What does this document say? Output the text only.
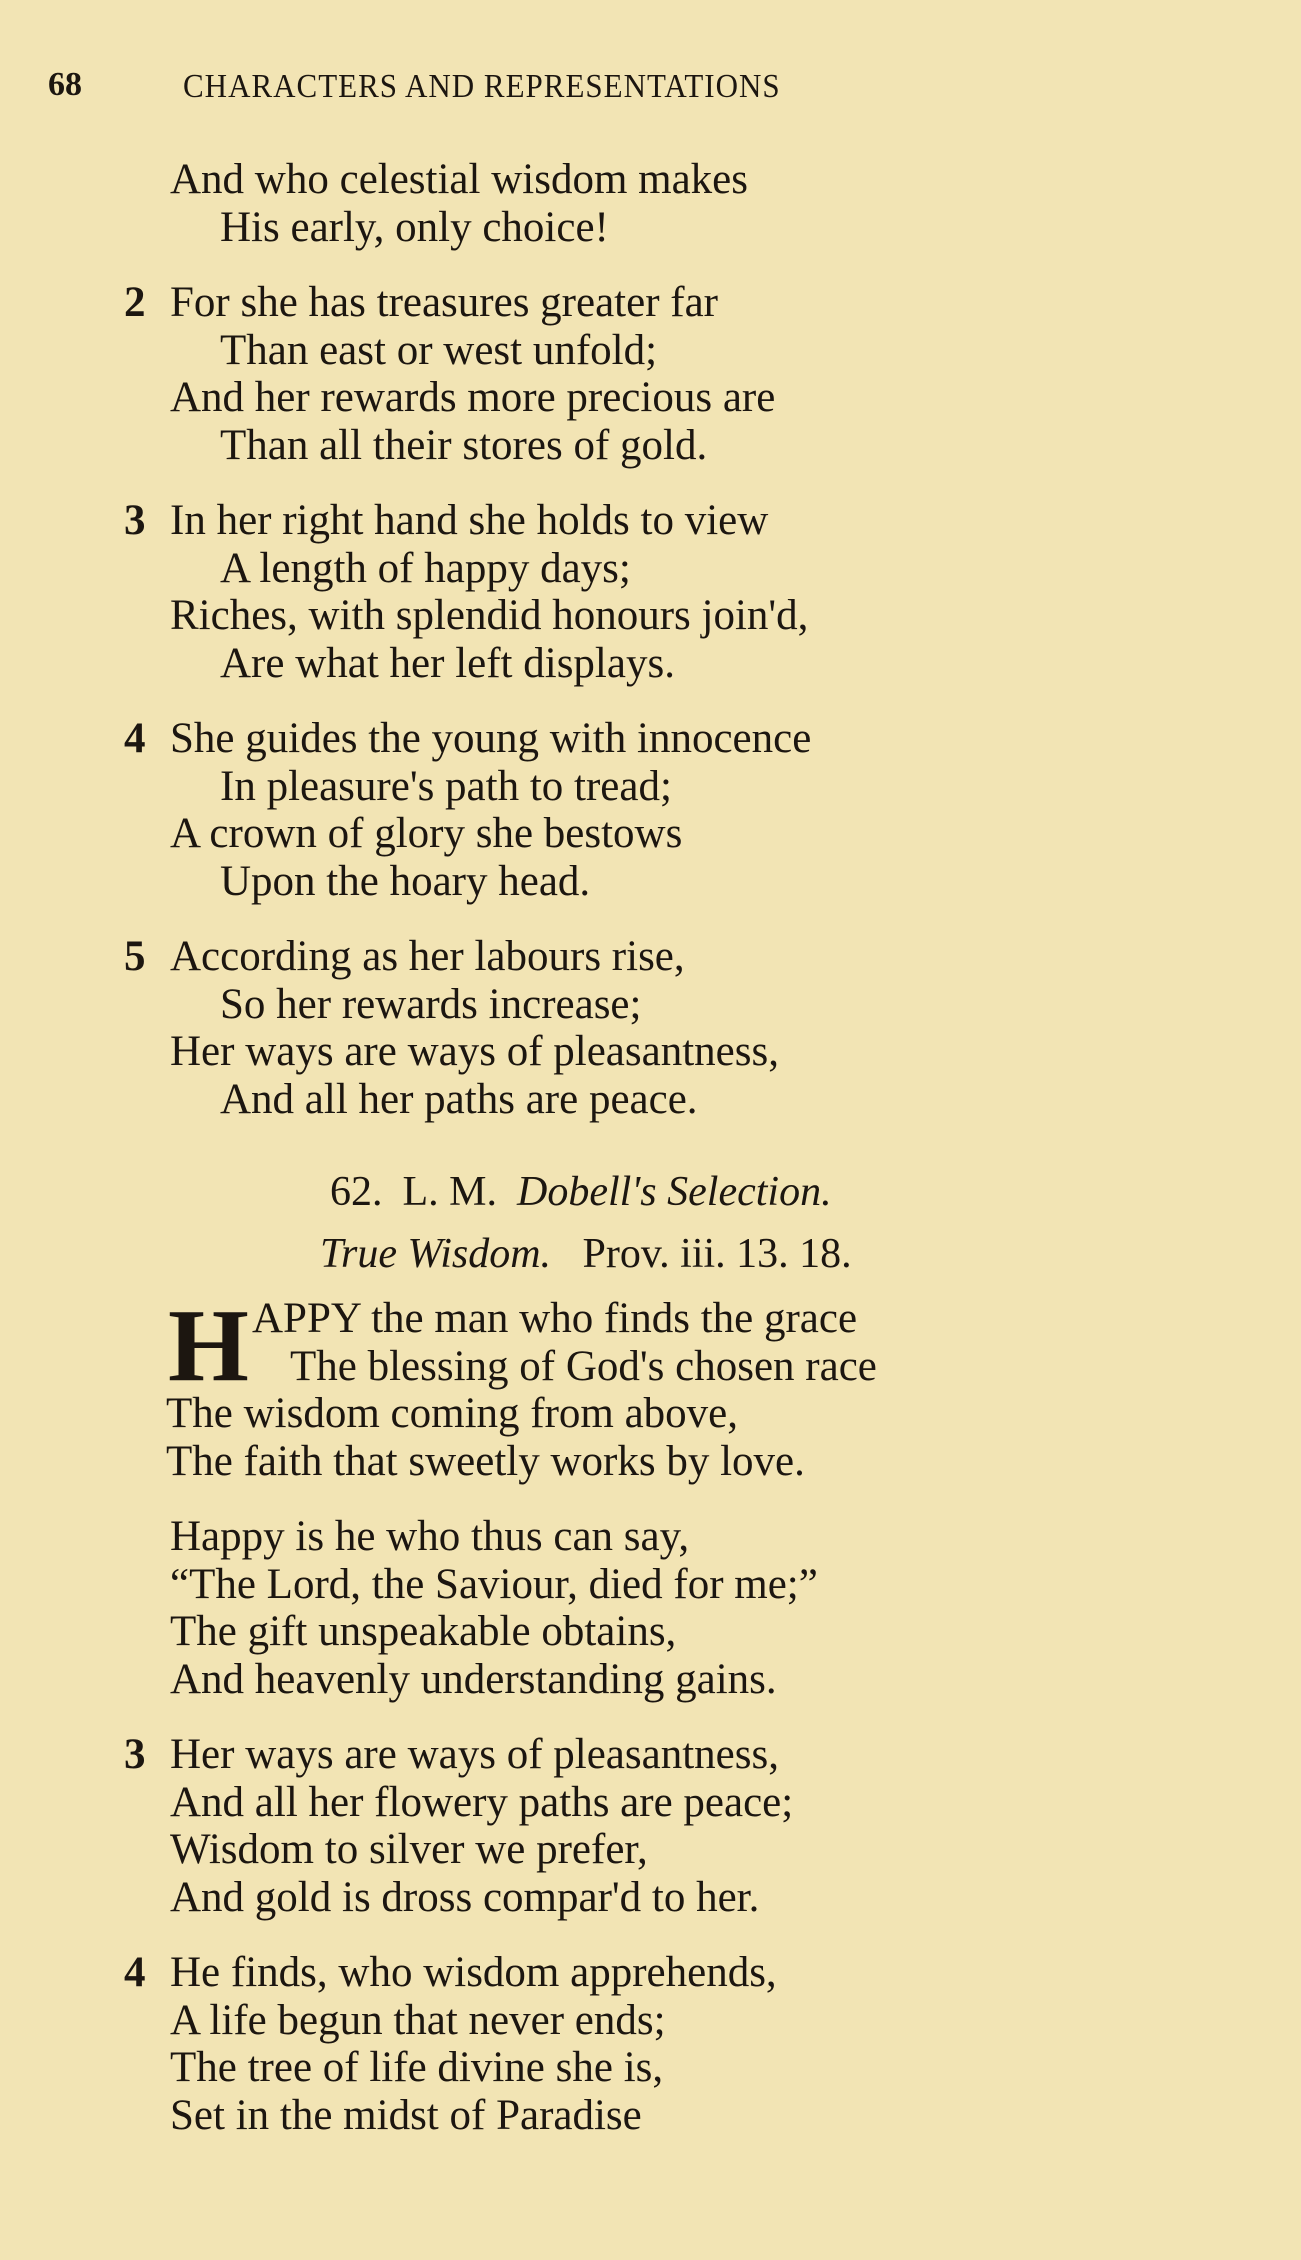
68	CHARACTERS AND REPRESENTATIONS
And who celestial wisdom makes
His early, only choice!
2 For she has treasures greater far
Than east or west unfold;
And her rewards more precious are
Than all their stores of gold.
3 In her right hand she holds to view
A length of happy days;
Riches, with splendid honours join'd,
Are what her left displays.
4 She guides the young with innocence
In pleasure's path to tread;
A crown of glory she bestows
Upon the hoary head.
5 According as her labours rise,
So her rewards increase;
Her ways are ways of pleasantness,
And all her paths are peace.
62. L. M. Dobell's Selection.
True Wisdom. Prov. iii. 13. 18.
H APPY the man who finds the grace
The blessing of God's chosen race
The wisdom coming from above,
The faith that sweetly works by love.
Happy is he who thus can say,
“The Lord, the Saviour, died for me;”
The gift unspeakable obtains,
And heavenly understanding gains.
3 Her ways are ways of pleasantness,
And all her flowery paths are peace;
Wisdom to silver we prefer,
And gold is dross compar'd to her.
4 He finds, who wisdom apprehends,
A life begun that never ends;
The tree of life divine she is,
Set in the midst of Paradise
